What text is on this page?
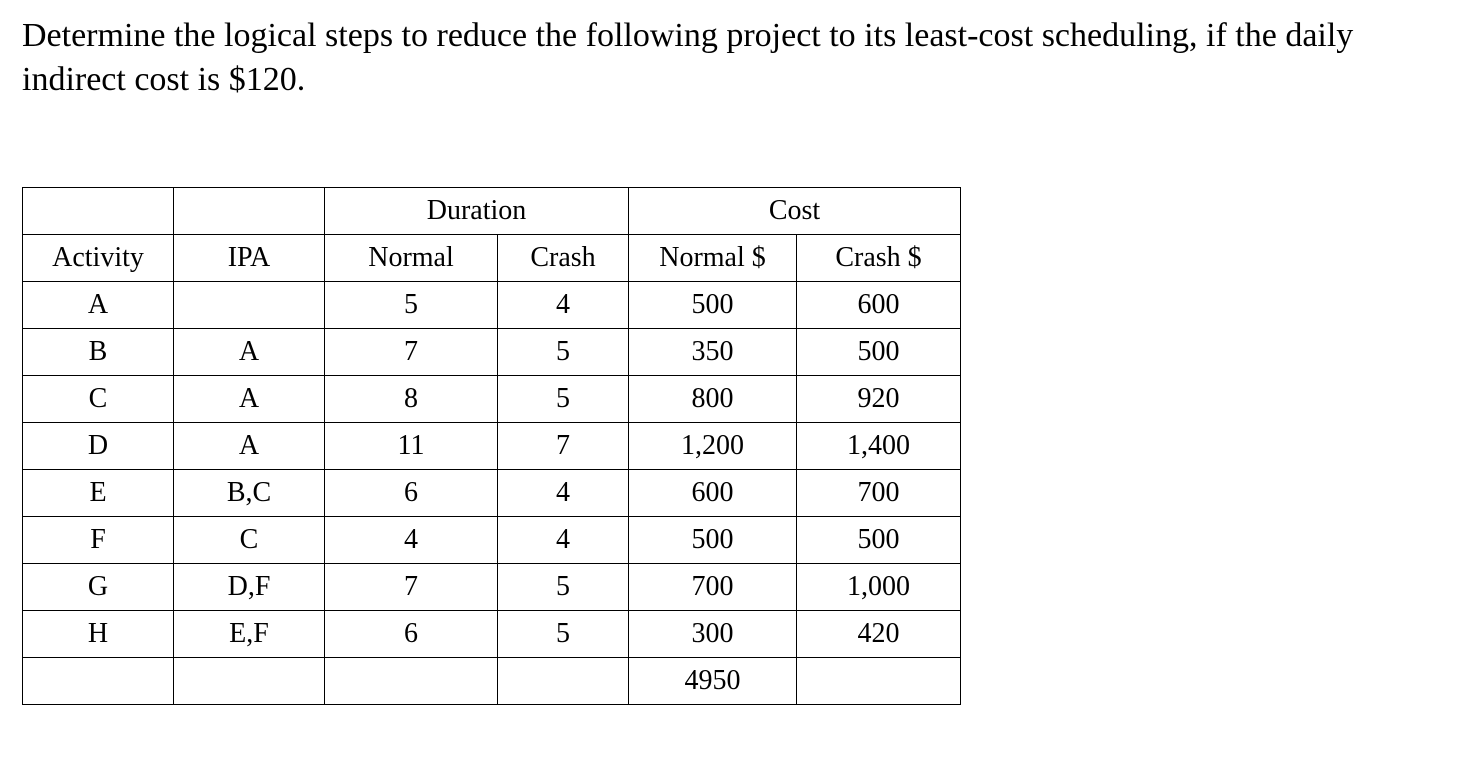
Determine the logical steps to reduce the following project to its least-cost scheduling, if the daily indirect cost is $120.

		Duration		Cost	
Activity	IPA	Normal	Crash	Normal $	Crash $
A		5	4	500	600
B	A	7	5	350	500
C	A	8	5	800	920
D	A	11	7	1,200	1,400
E	B,C	6	4	600	700
F	C	4	4	500	500
G	D,F	7	5	700	1,000
H	E,F	6	5	300	420
				4950	
